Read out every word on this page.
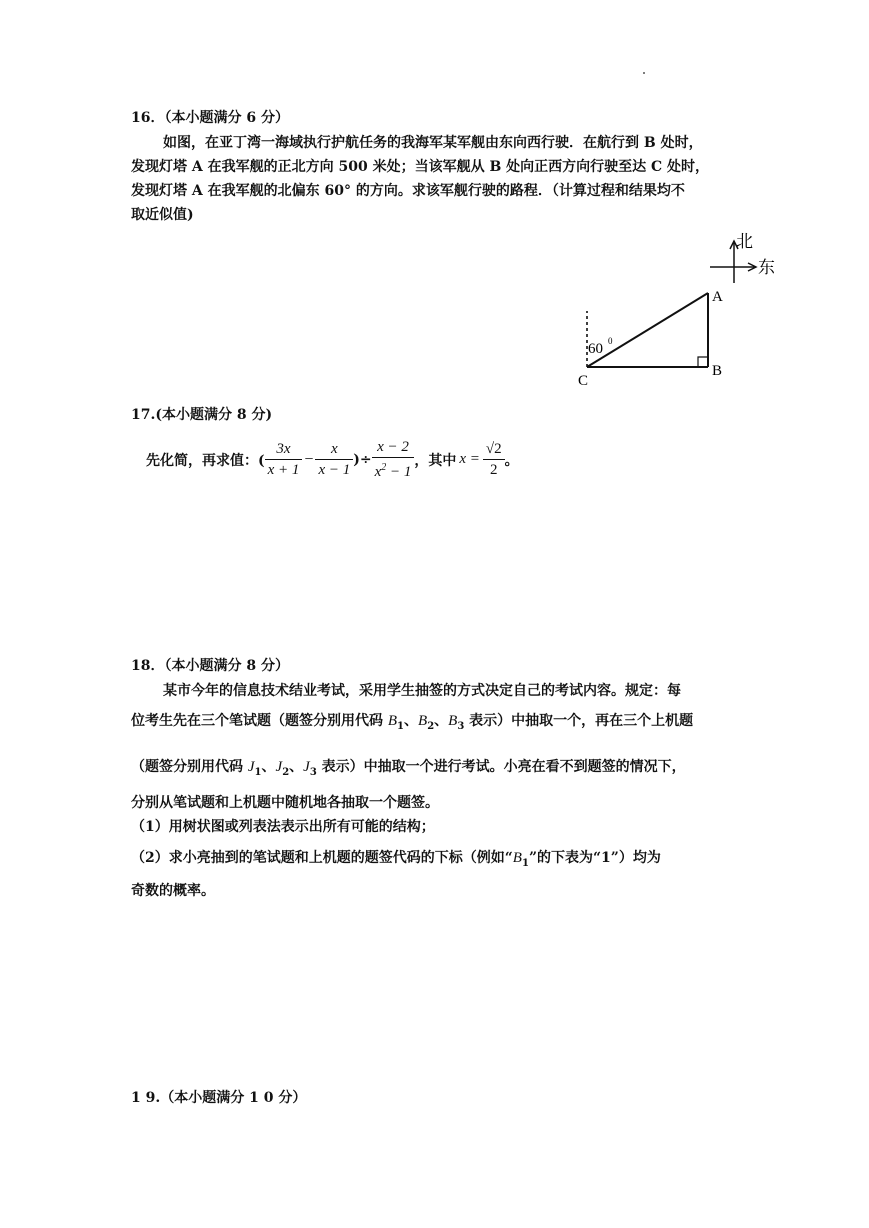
16．（本小题满分 6 分）
如图，在亚丁湾一海域执行护航任务的我海军某军舰由东向西行驶．在航行到 B 处时，
发现灯塔 A 在我军舰的正北方向 500 米处；当该军舰从 B 处向正西方向行驶至达 C 处时，
发现灯塔 A 在我军舰的北偏东 60° 的方向。求该军舰行驶的路程．（计算过程和结果均不
取近似值)
北
东
A
B
C
60 0
17.(本小题满分 8 分)
先化简，再求值：( $\frac{3x}{x + 1} - \frac{x}{x - 1}$ )÷ $\frac{x - 2}{x^2 - 1}$ ，其中 $x = \frac{√2}{2}$ 。
18．（本小题满分 8 分）
某市今年的信息技术结业考试，采用学生抽签的方式决定自己的考试内容。规定：每
位考生先在三个笔试题（题签分别用代码 $B_1$、$B_2$、$B_3$ 表示）中抽取一个，再在三个上机题
（题签分别用代码 $J_1$、$J_2$、$J_3$ 表示）中抽取一个进行考试。小亮在看不到题签的情况下，
分别从笔试题和上机题中随机地各抽取一个题签。
（1）用树状图或列表法表示出所有可能的结构；
（2）求小亮抽到的笔试题和上机题的题签代码的下标（例如“$B_1$”的下表为“1”）均为
奇数的概率。
1 9.（本小题满分 1 0 分）
